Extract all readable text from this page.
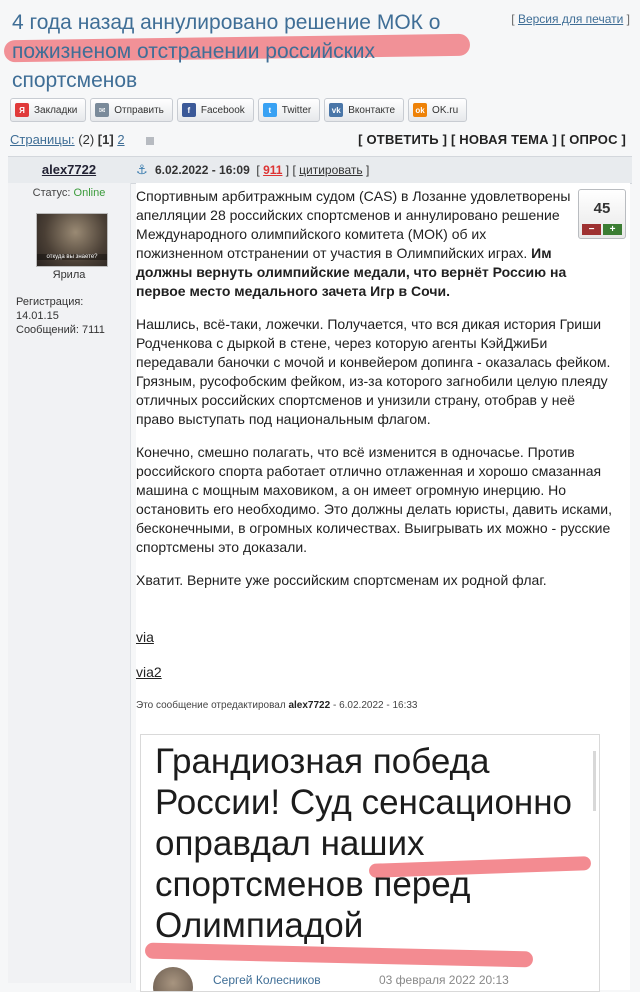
4 года назад аннулировано решение МОК о пожизненом отстранении российских спортсменов
[ Версия для печати ]
Я Закладки	✉ Отправить	f	Facebook	t	Twitter	vk Вконтакте	ok OK.ru
Страницы: (2) [1] 2	[ ОТВЕТИТЬ ] [ НОВАЯ ТЕМА ] [ ОПРОС ]
alex7722	⚓ 6.02.2022 - 16:09  [ 911 ] [ цитировать ]
Статус: Online
откуда вы знаете?
Ярила
Регистрация:
14.01.15
Сообщений: 7111
45
−	+

Спортивным арбитражным судом (CAS) в Лозанне удовлетворены апелляции 28 российских спортсменов и аннулировано решение Международного олимпийского комитета (МОК) об их пожизненном отстранении от участия в Олимпийских играх. Им должны вернуть олимпийские медали, что вернёт Россию на первое место медального зачета Игр в Сочи.

Нашлись, всё-таки, ложечки. Получается, что вся дикая история Гриши Родченкова с дыркой в стене, через которую агенты КэйДжиБи передавали баночки с мочой и конвейером допинга - оказалась фейком. Грязным, русофобским фейком, из-за которого загнобили целую плеяду отличных российских спортсменов и унизили страну, отобрав у неё право выступать под национальным флагом.

Конечно, смешно полагать, что всё изменится в одночасье. Против российского спорта работает отлично отлаженная и хорошо смазанная машина с мощным маховиком, а он имеет огромную инерцию. Но остановить его необходимо. Это должны делать юристы, давить исками, бесконечными, в огромных количествах. Выигрывать их можно - русские спортсмены это доказали.

Хватит. Верните уже российским спортсменам их родной флаг.

via
via2
Это сообщение отредактировал alex7722 - 6.02.2022 - 16:33
Грандиозная победа России! Суд сенсационно оправдал наших спортсменов перед Олимпиадой
Сергей Колесников	03 февраля 2022 20:13
